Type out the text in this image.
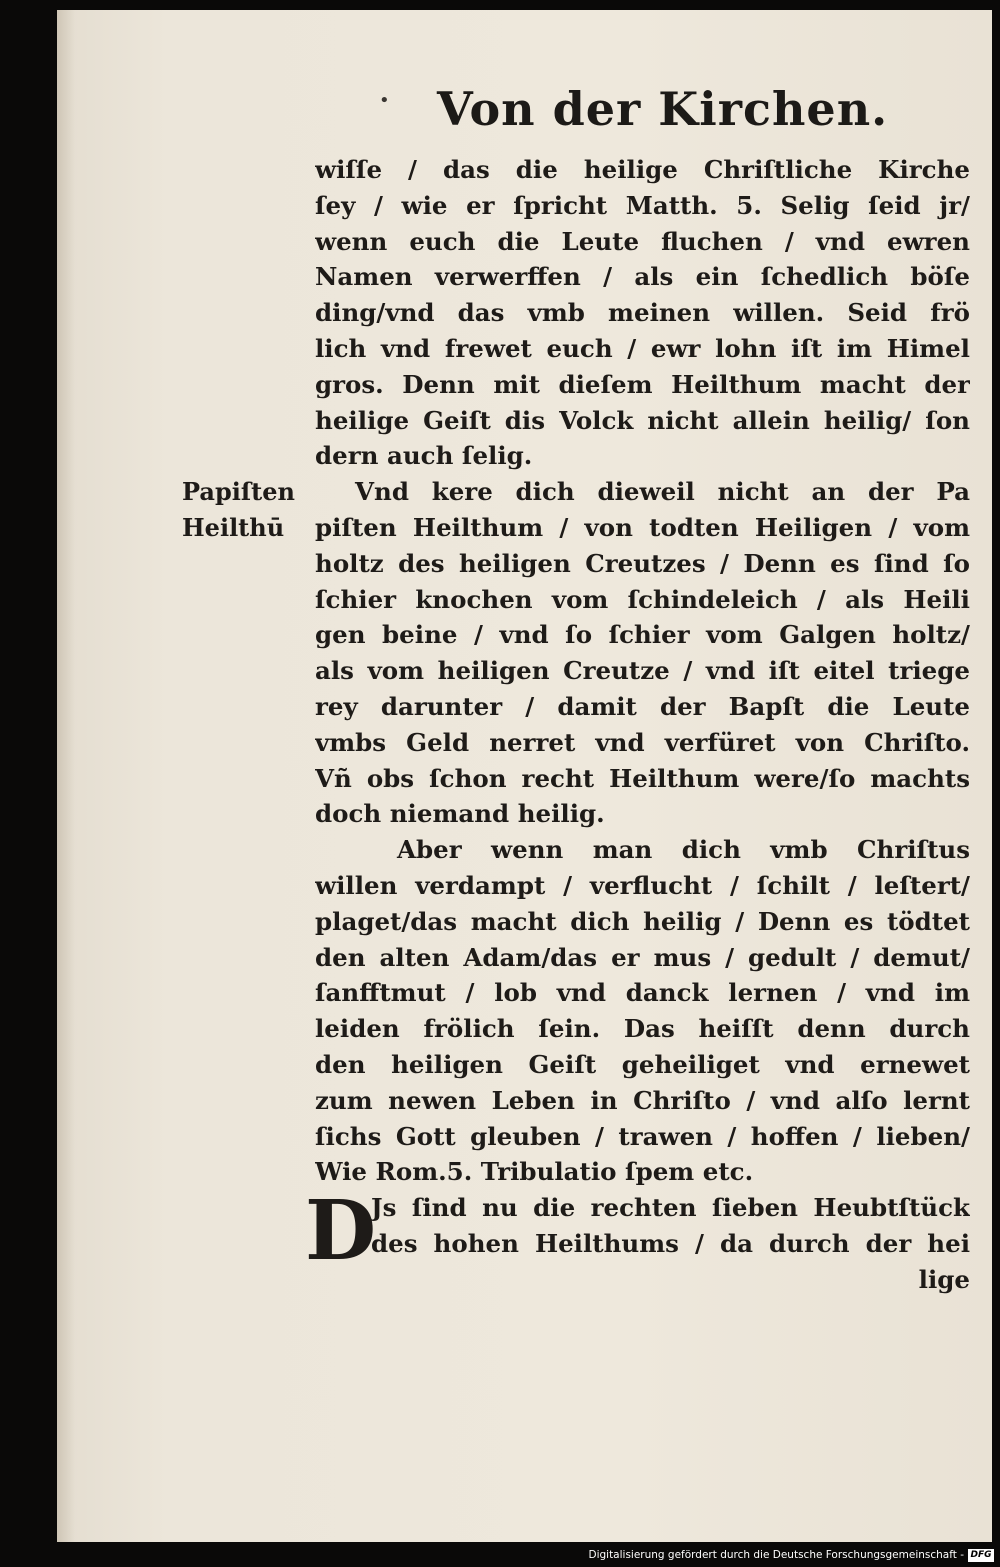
• Von der Kirchen.
Papiſten
Heilthū
wiſſe / das die heilige Chriſtliche Kirche
ſey / wie er ſpricht Matth. 5. Selig ſeid jr/
wenn euch die Leute fluchen / vnd ewren
Namen verwerffen / als ein ſchedlich böſe
ding/vnd das vmb meinen willen. Seid frö
lich vnd frewet euch / ewr lohn iſt im Himel
gros. Denn mit dieſem Heilthum macht der
heilige Geiſt dis Volck nicht allein heilig/ ſon
dern auch ſelig.
Vnd kere dich dieweil nicht an der Pa
piſten Heilthum / von todten Heiligen / vom
holtz des heiligen Creutzes / Denn es ſind ſo
ſchier knochen vom ſchindeleich / als Heili
gen beine / vnd ſo ſchier vom Galgen holtz/
als vom heiligen Creutze / vnd iſt eitel triege
rey darunter / damit der Bapſt die Leute
vmbs Geld nerret vnd verfüret von Chriſto.
Vñ obs ſchon recht Heilthum were/ſo machts
doch niemand heilig.
Aber wenn man dich vmb Chriſtus
willen verdampt / verflucht / ſchilt / leſtert/
plaget/das macht dich heilig / Denn es tödtet
den alten Adam/das er mus / gedult / demut/
ſanfftmut / lob vnd danck lernen / vnd im
leiden frölich ſein. Das heiſſt denn durch
den heiligen Geiſt geheiliget vnd ernewet
zum newen Leben in Chriſto / vnd alſo lernt
ſichs Gott gleuben / trawen / hoffen / lieben/
Wie Rom.5. Tribulatio ſpem etc.
D
Js ſind nu die rechten ſieben Heubtſtück
des hohen Heilthums / da durch der hei
lige
Digitalisierung gefördert durch die Deutsche Forschungsgemeinschaft - DFG
